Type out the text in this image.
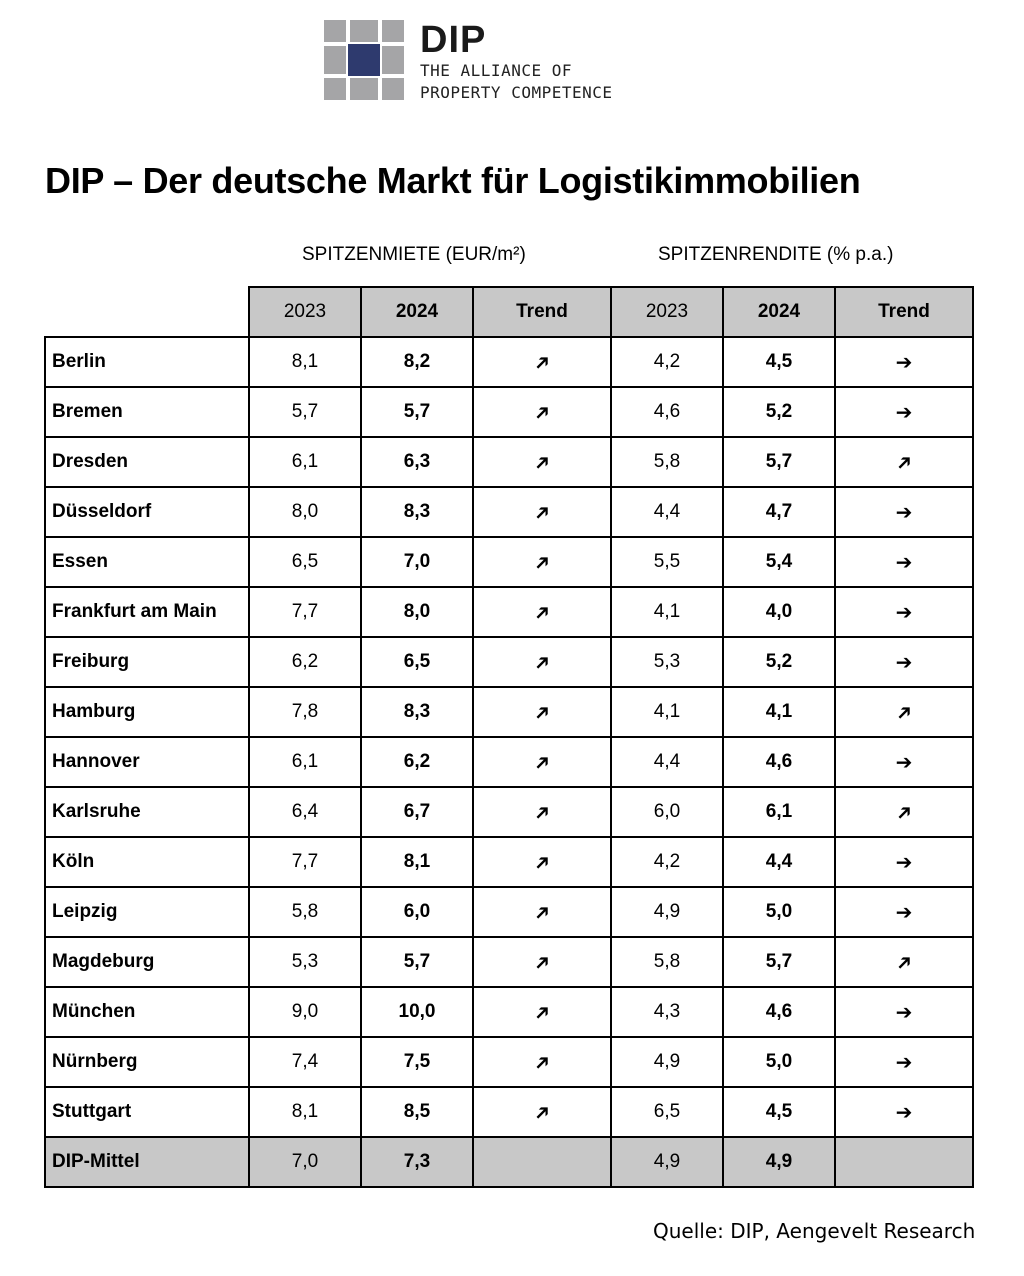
DIP
THE ALLIANCE OF
PROPERTY COMPETENCE
DIP – Der deutsche Markt für Logistikimmobilien
SPITZENMIETE (EUR/m²)	SPITZENRENDITE (% p.a.)
	2023	2024	Trend	2023	2024	Trend
Berlin	8,1	8,2	➔	4,2	4,5	➔
Bremen	5,7	5,7	➔	4,6	5,2	➔
Dresden	6,1	6,3	➔	5,8	5,7	➔
Düsseldorf	8,0	8,3	➔	4,4	4,7	➔
Essen	6,5	7,0	➔	5,5	5,4	➔
Frankfurt am Main	7,7	8,0	➔	4,1	4,0	➔
Freiburg	6,2	6,5	➔	5,3	5,2	➔
Hamburg	7,8	8,3	➔	4,1	4,1	➔
Hannover	6,1	6,2	➔	4,4	4,6	➔
Karlsruhe	6,4	6,7	➔	6,0	6,1	➔
Köln	7,7	8,1	➔	4,2	4,4	➔
Leipzig	5,8	6,0	➔	4,9	5,0	➔
Magdeburg	5,3	5,7	➔	5,8	5,7	➔
München	9,0	10,0	➔	4,3	4,6	➔
Nürnberg	7,4	7,5	➔	4,9	5,0	➔
Stuttgart	8,1	8,5	➔	6,5	4,5	➔
DIP-Mittel	7,0	7,3		4,9	4,9	
Quelle: DIP, Aengevelt Research
